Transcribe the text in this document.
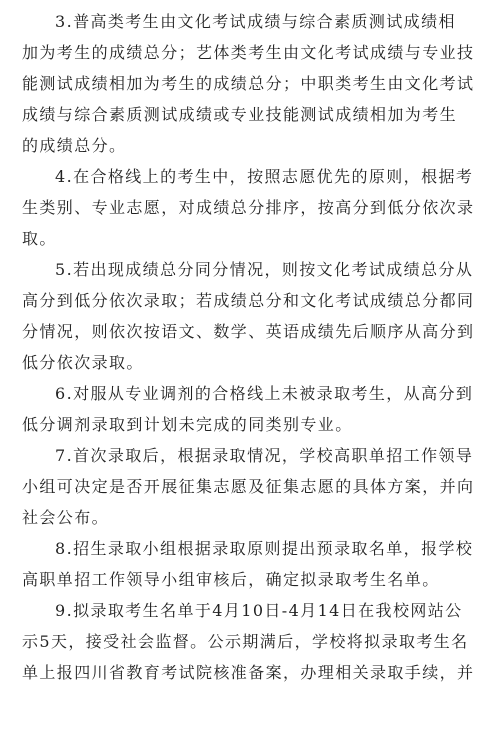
3.普高类考生由文化考试成绩与综合素质测试成绩相
加为考生的成绩总分；艺体类考生由文化考试成绩与专业技
能测试成绩相加为考生的成绩总分；中职类考生由文化考试
成绩与综合素质测试成绩或专业技能测试成绩相加为考生
的成绩总分。
4.在合格线上的考生中，按照志愿优先的原则，根据考
生类别、专业志愿，对成绩总分排序，按高分到低分依次录
取。
5.若出现成绩总分同分情况，则按文化考试成绩总分从
高分到低分依次录取；若成绩总分和文化考试成绩总分都同
分情况，则依次按语文、数学、英语成绩先后顺序从高分到
低分依次录取。
6.对服从专业调剂的合格线上未被录取考生，从高分到
低分调剂录取到计划未完成的同类别专业。
7.首次录取后，根据录取情况，学校高职单招工作领导
小组可决定是否开展征集志愿及征集志愿的具体方案，并向
社会公布。
8.招生录取小组根据录取原则提出预录取名单，报学校
高职单招工作领导小组审核后，确定拟录取考生名单。
9.拟录取考生名单于4月10日-4月14日在我校网站公
示5天，接受社会监督。公示期满后，学校将拟录取考生名
单上报四川省教育考试院核准备案，办理相关录取手续，并
